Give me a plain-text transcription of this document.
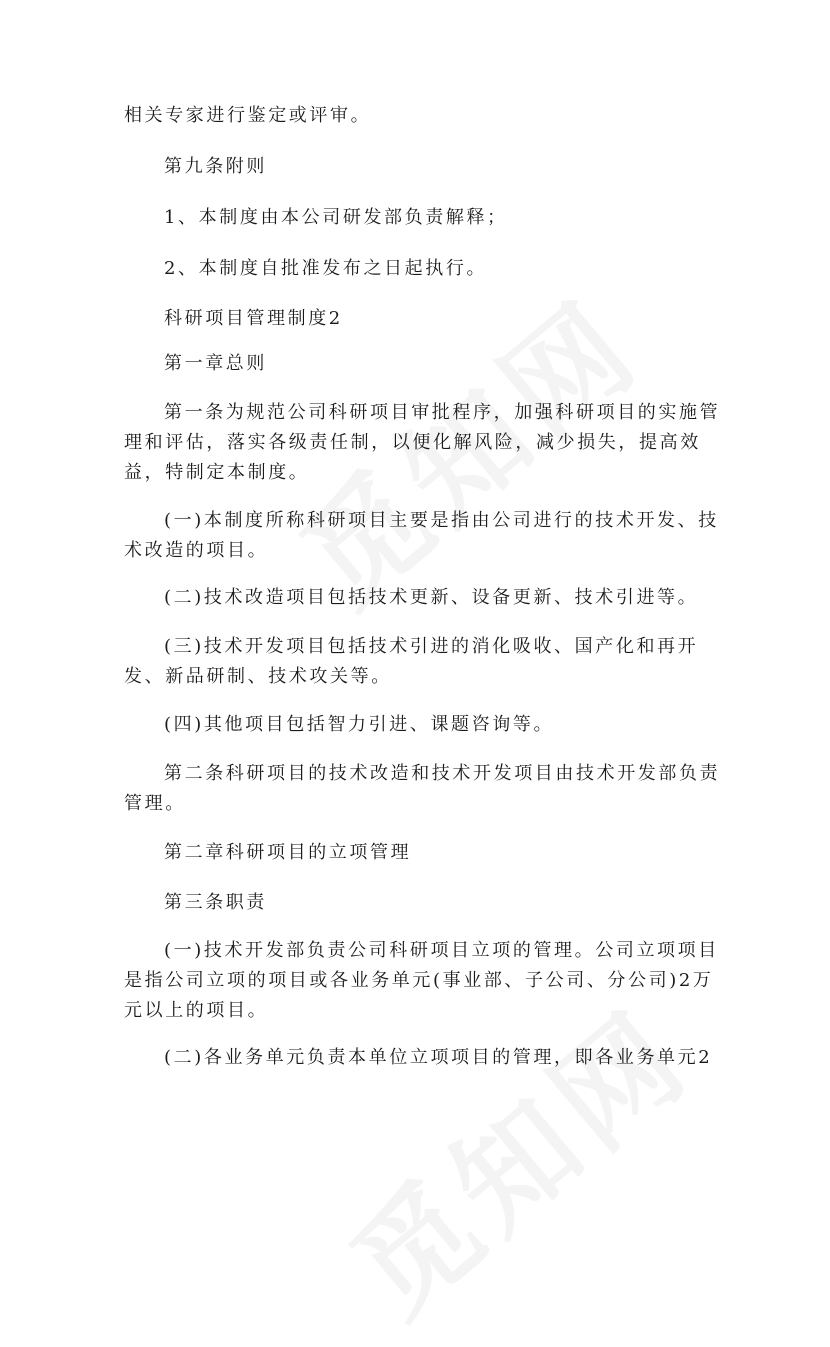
相关专家进行鉴定或评审。
第九条附则
1、本制度由本公司研发部负责解释；
2、本制度自批准发布之日起执行。
科研项目管理制度2
第一章总则
第一条为规范公司科研项目审批程序，加强科研项目的实施管理和评估，落实各级责任制，以便化解风险，减少损失，提高效益，特制定本制度。
(一)本制度所称科研项目主要是指由公司进行的技术开发、技术改造的项目。
(二)技术改造项目包括技术更新、设备更新、技术引进等。
(三)技术开发项目包括技术引进的消化吸收、国产化和再开发、新品研制、技术攻关等。
(四)其他项目包括智力引进、课题咨询等。
第二条科研项目的技术改造和技术开发项目由技术开发部负责管理。
第二章科研项目的立项管理
第三条职责
(一)技术开发部负责公司科研项目立项的管理。公司立项项目是指公司立项的项目或各业务单元(事业部、子公司、分公司)2万元以上的项目。
(二)各业务单元负责本单位立项项目的管理，即各业务单元2
